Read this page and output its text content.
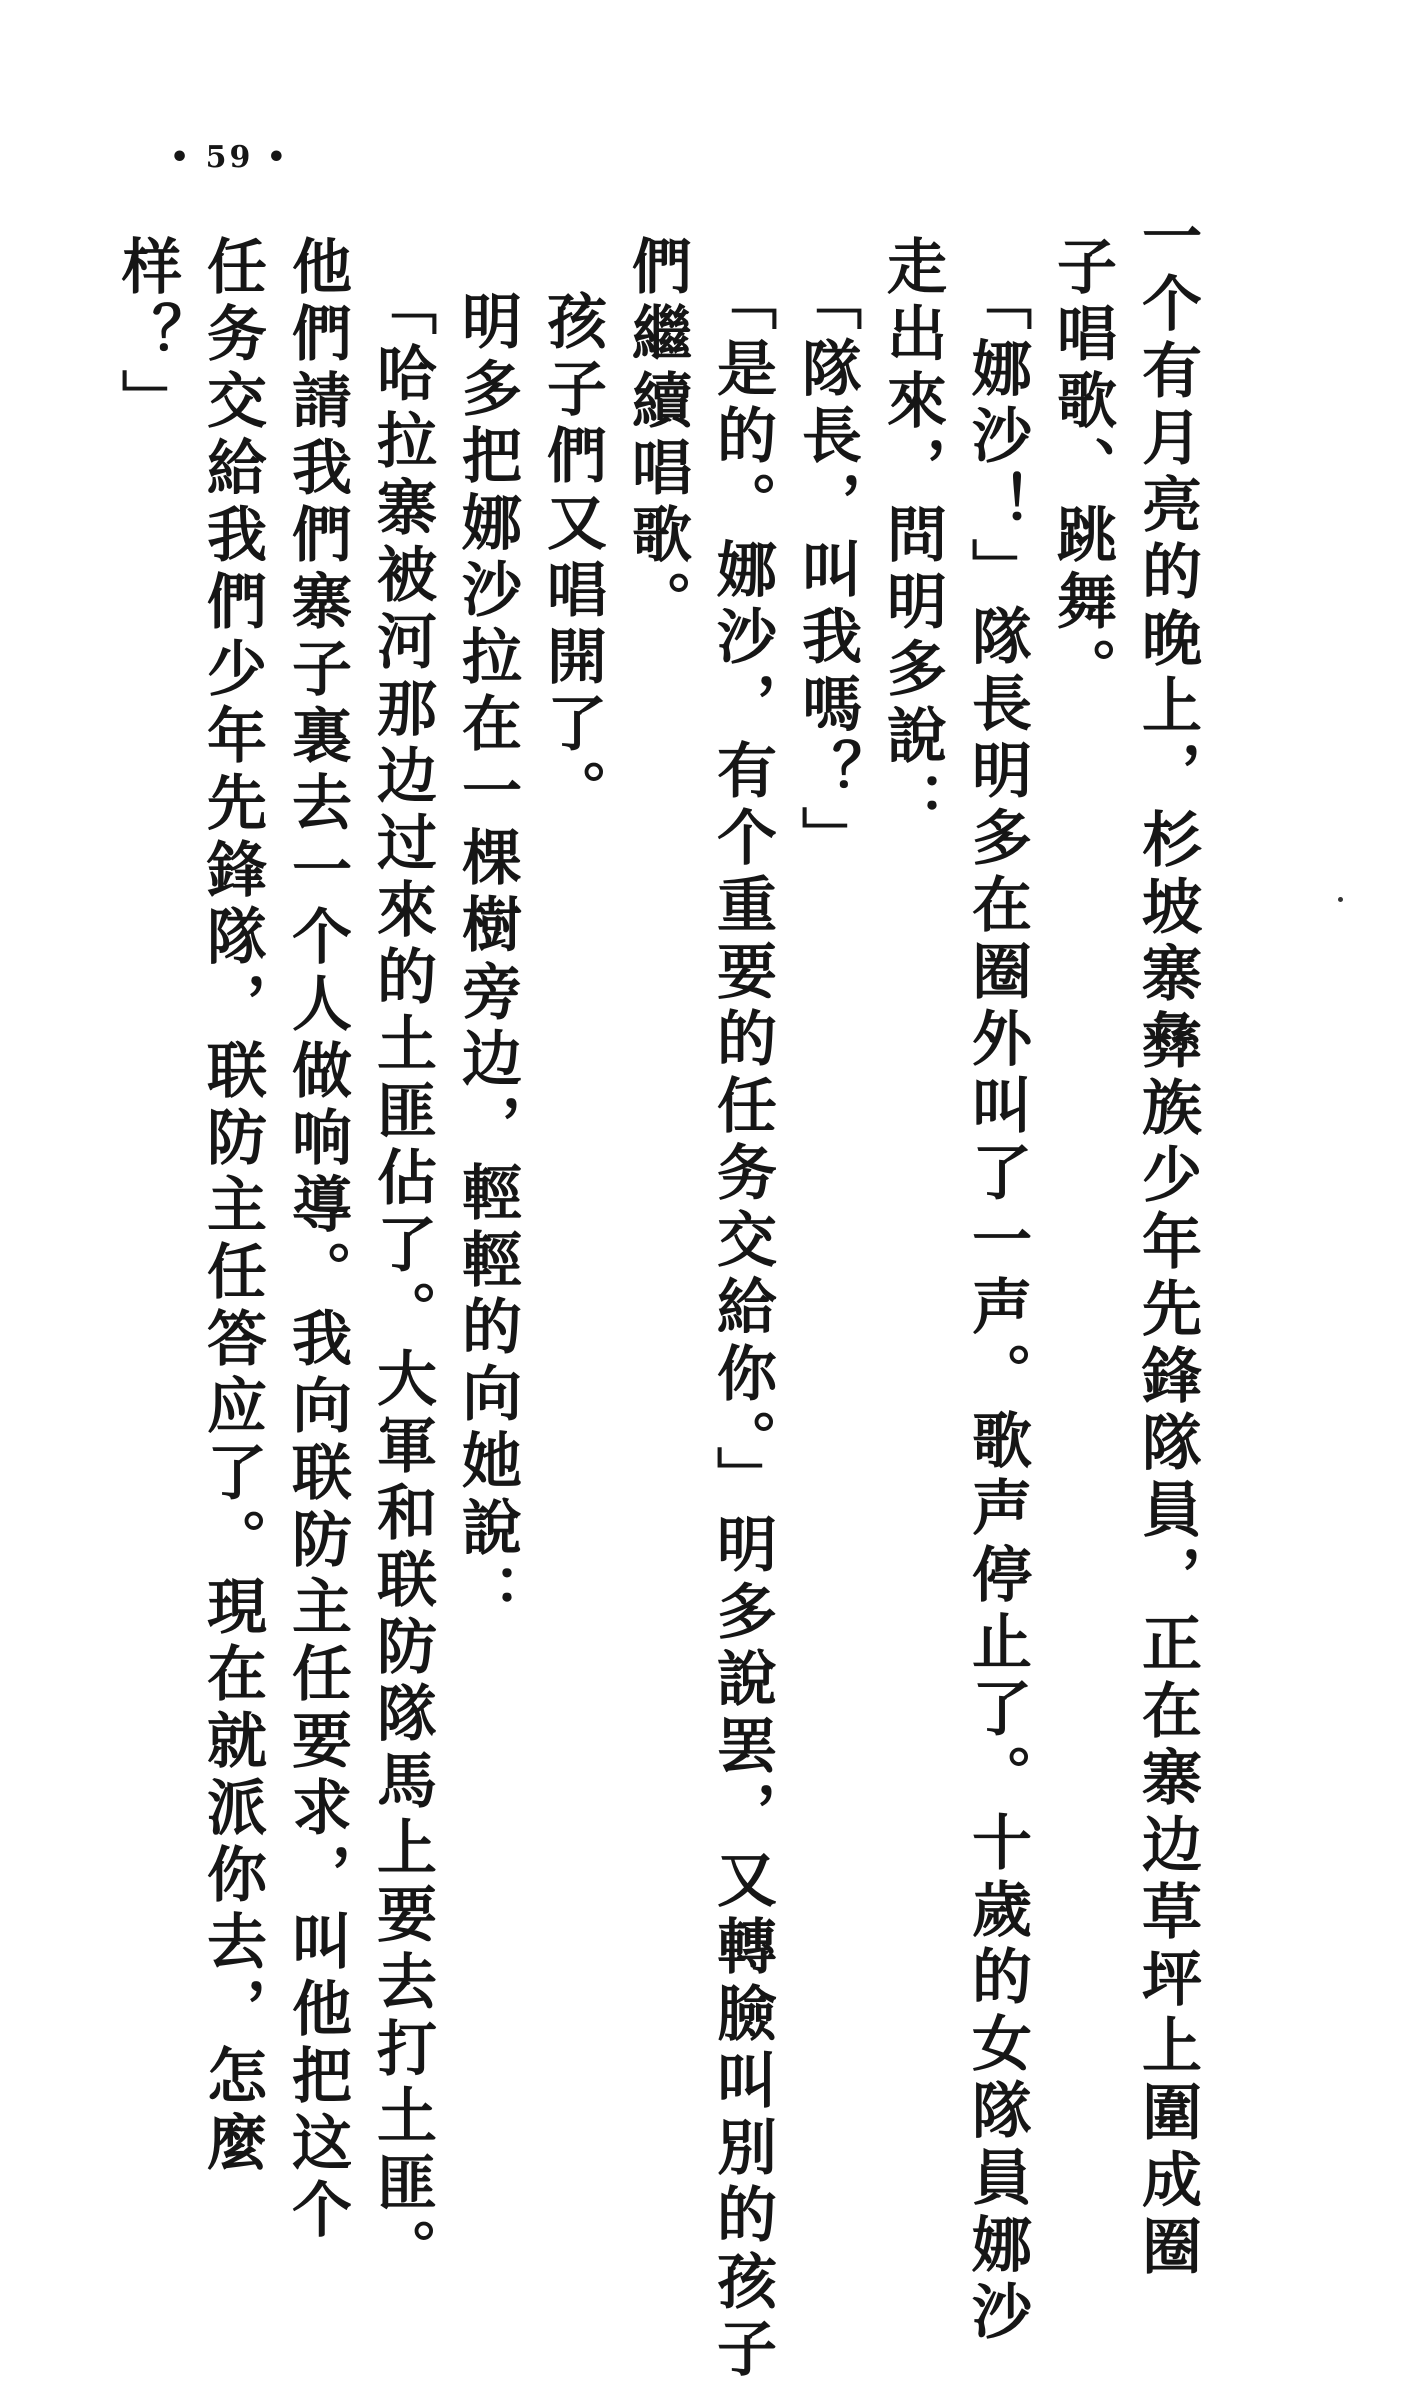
• 59 •
一个有月亮的晚上，杉坡寨彝族少年先鋒隊員，正在寨边草坪上圍成圈
子唱歌、跳舞。
「娜沙！」隊長明多在圈外叫了一声。歌声停止了。十歲的女隊員娜沙
走出來，問明多說：
「隊長，叫我嗎？」
「是的。娜沙，有个重要的任务交給你。」明多說罢，又轉臉叫別的孩子
們繼續唱歌。
孩子們又唱開了。
明多把娜沙拉在一棵樹旁边，輕輕的向她說：
「哈拉寨被河那边过來的土匪佔了。大軍和联防隊馬上要去打土匪。
他們請我們寨子裏去一个人做响導。我向联防主任要求，叫他把这个
任务交給我們少年先鋒隊，联防主任答应了。現在就派你去，怎麼
样？」
